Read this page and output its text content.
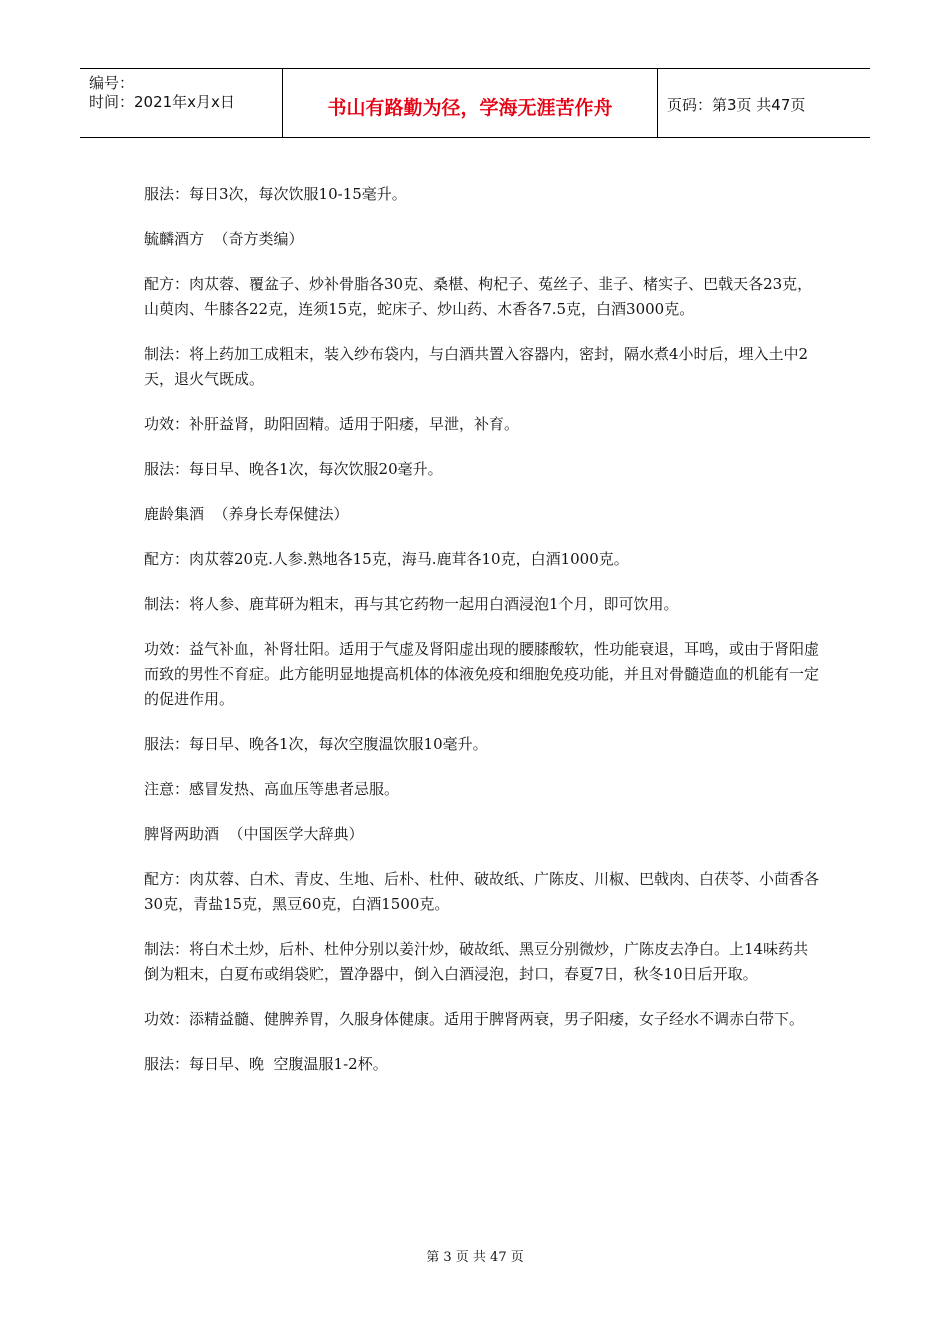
编号：
时间：2021年x月x日	书山有路勤为径，学海无涯苦作舟	页码：第3页 共47页

服法：每日3次，每次饮服10-15毫升。

毓麟酒方  （奇方类编）

配方：肉苁蓉、覆盆子、炒补骨脂各30克、桑椹、枸杞子、菟丝子、韭子、楮实子、巴戟天各23克，山萸肉、牛膝各22克，连须15克，蛇床子、炒山药、木香各7.5克，白酒3000克。

制法：将上药加工成粗末，装入纱布袋内，与白酒共置入容器内，密封，隔水煮4小时后，埋入土中2天，退火气既成。

功效：补肝益肾，助阳固精。适用于阳痿，早泄，补育。

服法：每日早、晚各1次，每次饮服20毫升。

鹿龄集酒  （养身长寿保健法）

配方：肉苁蓉20克.人参.熟地各15克，海马.鹿茸各10克，白酒1000克。

制法：将人参、鹿茸研为粗末，再与其它药物一起用白酒浸泡1个月，即可饮用。

功效：益气补血，补肾壮阳。适用于气虚及肾阳虚出现的腰膝酸软，性功能衰退，耳鸣，或由于肾阳虚而致的男性不育症。此方能明显地提高机体的体液免疫和细胞免疫功能，并且对骨髓造血的机能有一定的促进作用。

服法：每日早、晚各1次，每次空腹温饮服10毫升。

注意：感冒发热、高血压等患者忌服。

脾肾两助酒  （中国医学大辞典）

配方：肉苁蓉、白术、青皮、生地、后朴、杜仲、破故纸、广陈皮、川椒、巴戟肉、白茯苓、小茴香各30克，青盐15克，黑豆60克，白酒1500克。

制法：将白术土炒，后朴、杜仲分别以姜汁炒，破故纸、黑豆分别微炒，广陈皮去净白。上14味药共倒为粗末，白夏布或绢袋贮，置净器中，倒入白酒浸泡，封口，春夏7日，秋冬10日后开取。

功效：添精益髓、健脾养胃，久服身体健康。适用于脾肾两衰，男子阳痿，女子经水不调赤白带下。

服法：每日早、晚  空腹温服1-2杯。

第 3 页 共 47 页
